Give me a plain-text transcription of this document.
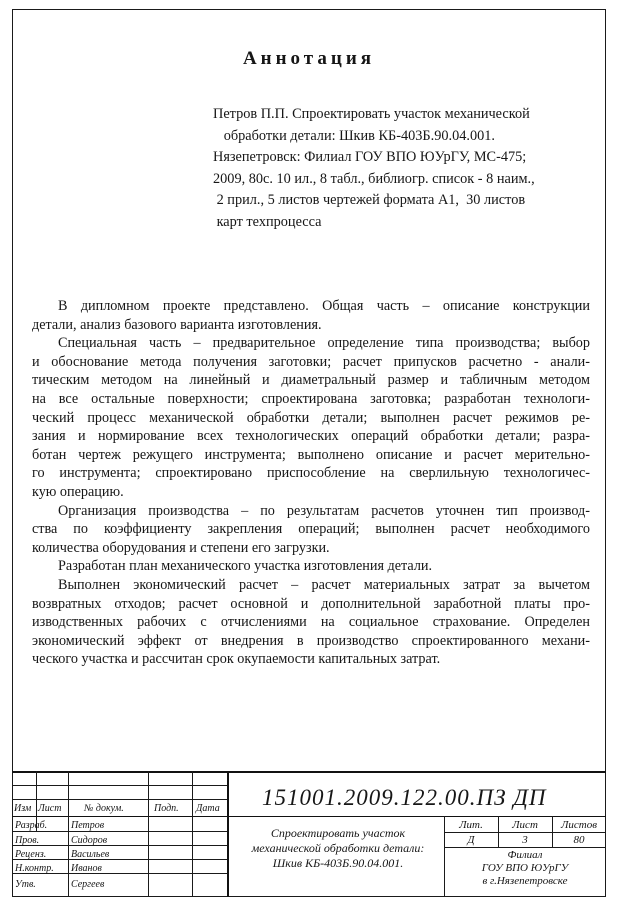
Аннотация
Петров П.П. Спроектировать участок механической
обработки детали: Шкив КБ-403Б.90.04.001.
Нязепетровск: Филиал ГОУ ВПО ЮУрГУ, МС-475;
2009, 80с. 10 ил., 8 табл., библиогр. список - 8 наим.,
2 прил., 5 листов чертежей формата А1,  30 листов
карт техпроцесса
В дипломном проекте представлено. Общая часть – описание конструкции
детали, анализ базового варианта изготовления.
Специальная часть – предварительное определение типа производства; выбор
и обоснование метода получения заготовки; расчет припусков расчетно - анали-
тическим методом на линейный и диаметральный размер и табличным методом
на все остальные поверхности; спроектирована заготовка; разработан технологи-
ческий процесс механической обработки детали; выполнен расчет режимов ре-
зания и нормирование всех технологических операций обработки детали; разра-
ботан чертеж режущего инструмента; выполнено описание и расчет мерительно-
го инструмента; спроектировано приспособление на сверлильную технологичес-
кую операцию.
Организация производства – по результатам расчетов уточнен тип производ-
ства по коэффициенту закрепления операций; выполнен расчет необходимого
количества оборудования и степени его загрузки.
Разработан план механического участка изготовления детали.
Выполнен экономический расчет – расчет материальных затрат за вычетом
возвратных отходов; расчет основной и дополнительной заработной платы про-
изводственных рабочих с отчислениями на социальное страхование. Определен
экономический эффект от внедрения в производство спроектированного механи-
ческого участка и рассчитан срок окупаемости капитальных затрат.
Изм Лист № докум.	Подп. Дата
Разраб. Петров
Пров.	Сидоров
Реценз. Васильев
Н.контр. Иванов
Утв.	Сергеев
151001.2009.122.00.ПЗ ДП
Спроектировать участок механической обработки детали: Шкив КБ-403Б.90.04.001.
Лит.	Лист	Листов
Д	3	80
Филиал
ГОУ ВПО ЮУрГУ
в г.Нязепетровске
